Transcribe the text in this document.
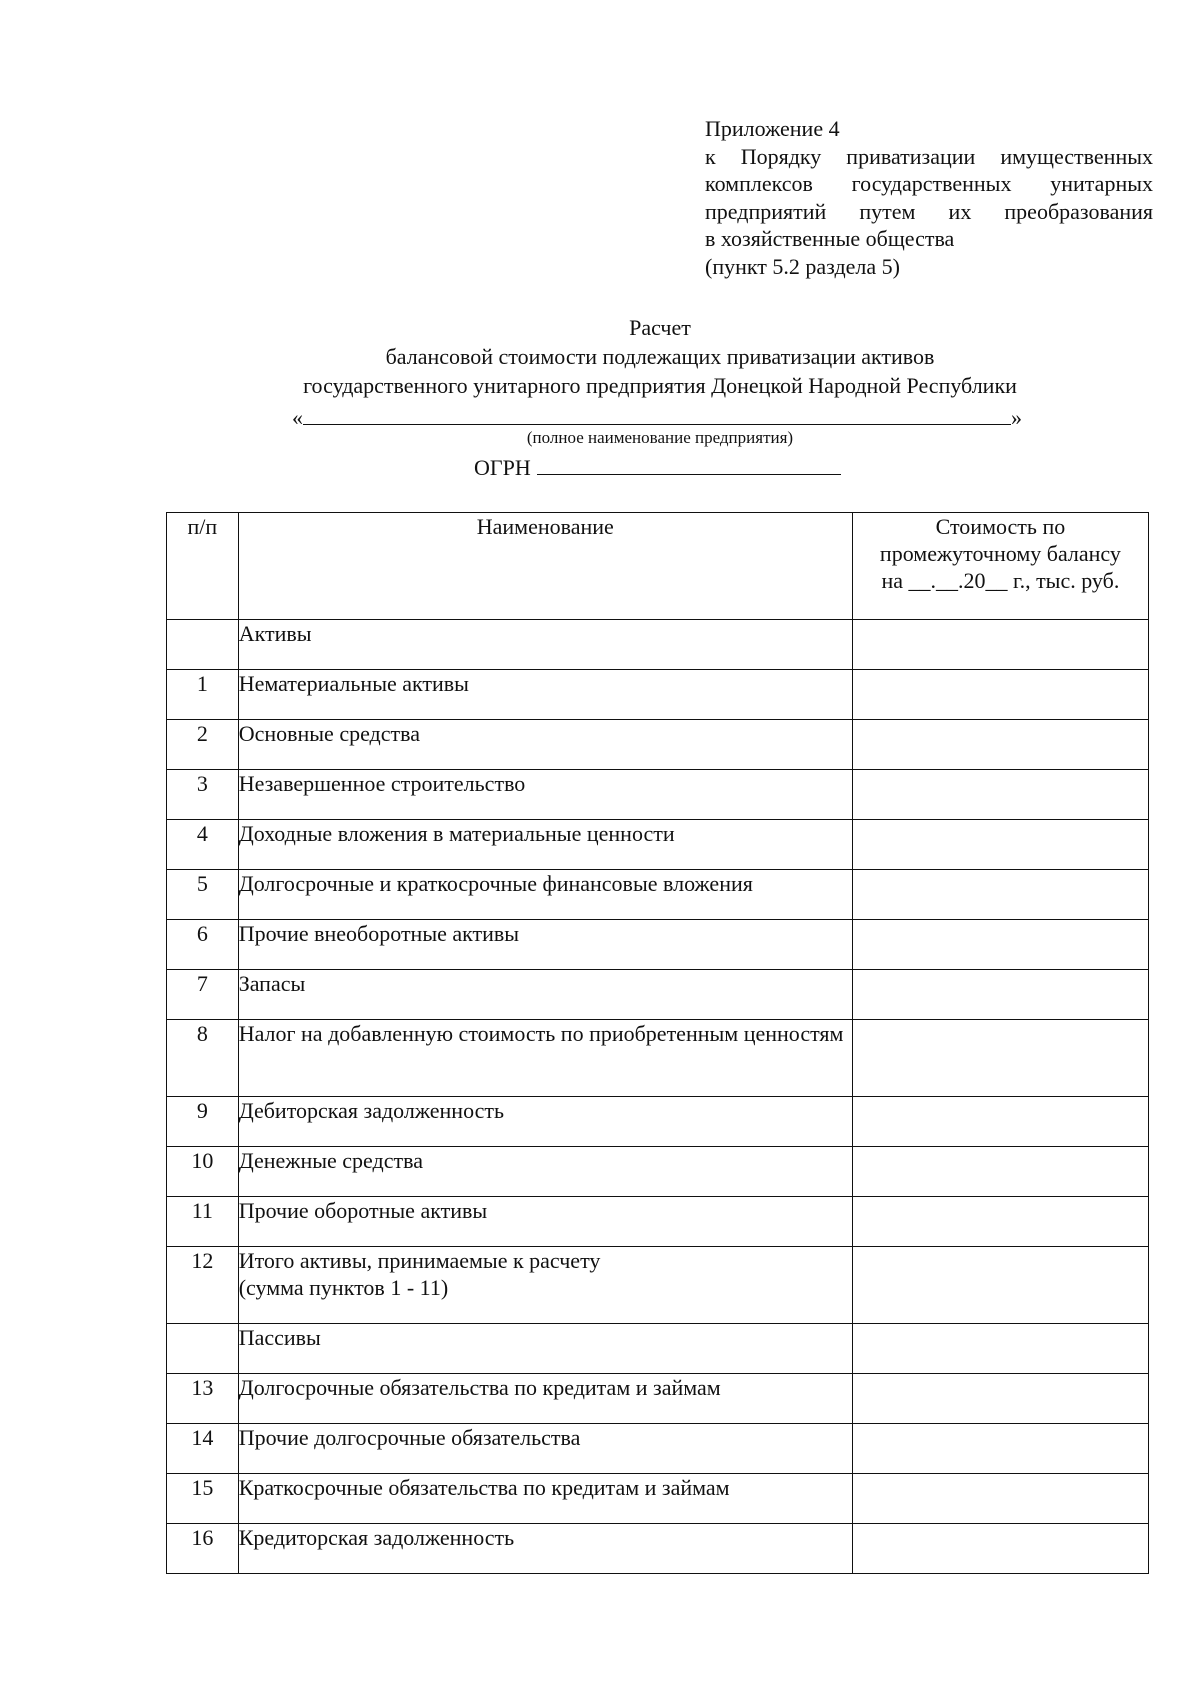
Приложение 4
к Порядку приватизации имущественных
комплексов государственных унитарных
предприятий путем их преобразования
в хозяйственные общества
(пункт 5.2 раздела 5)
Расчет
балансовой стоимости подлежащих приватизации активов
государственного унитарного предприятия Донецкой Народной Республики
«	»
(полное наименование предприятия)
ОГРН
п/п	Наименование	Стоимость по
промежуточному балансу
на __.__.20__ г., тыс. руб.

	Активы	
1	Нематериальные активы	
2	Основные средства	
3	Незавершенное строительство	
4	Доходные вложения в материальные ценности	
5	Долгосрочные и краткосрочные финансовые вложения	
6	Прочие внеоборотные активы	
7	Запасы	
8	Налог на добавленную стоимость по приобретенным ценностям	
9	Дебиторская задолженность	
10	Денежные средства	
11	Прочие оборотные активы	
12	Итого активы, принимаемые к расчету
(сумма пунктов 1 - 11)	

	Пассивы	
13	Долгосрочные обязательства по кредитам и займам	
14	Прочие долгосрочные обязательства	
15	Краткосрочные обязательства по кредитам и займам	
16	Кредиторская задолженность	
